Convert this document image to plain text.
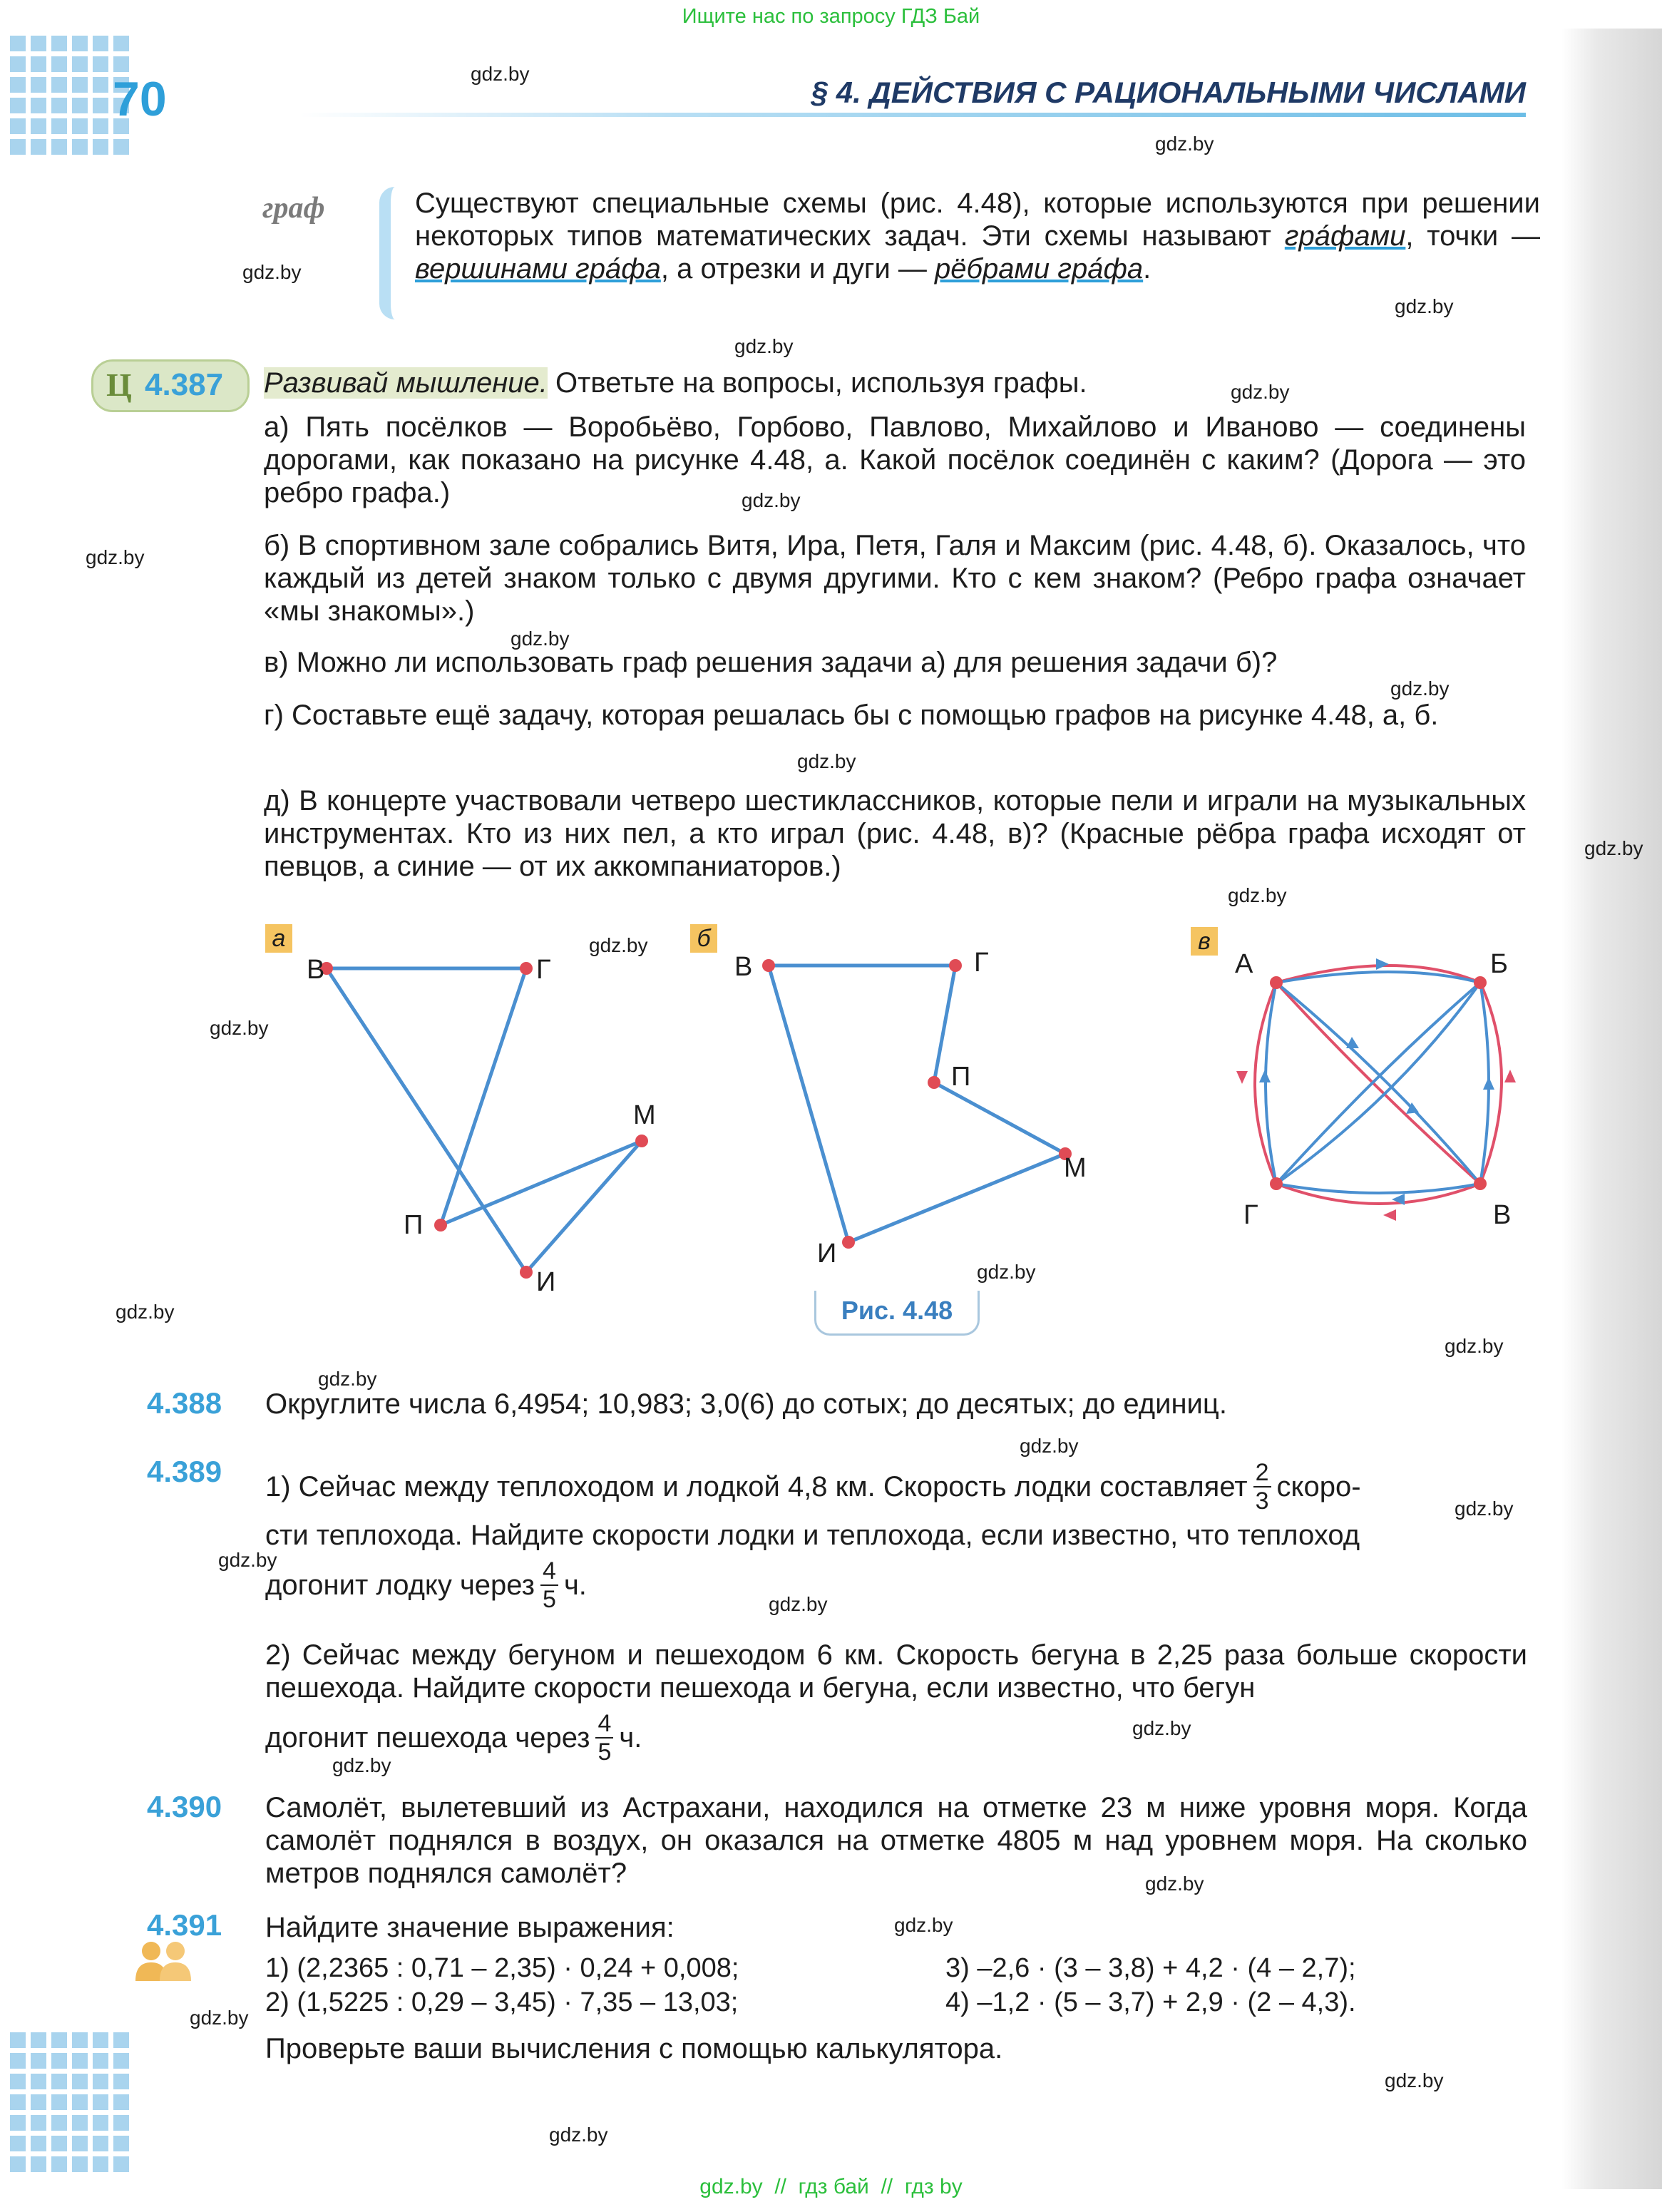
Ищите нас по запросу ГДЗ Бай
70	§ 4. ДЕЙСТВИЯ С РАЦИОНАЛЬНЫМИ ЧИСЛАМИ
gdz.by
gdz.by
gdz.by
gdz.by
gdz.by
gdz.by
gdz.by
gdz.by
gdz.by
gdz.by
gdz.by
gdz.by
gdz.by
gdz.by
gdz.by
gdz.by
gdz.by
gdz.by
gdz.by
gdz.by
gdz.by
gdz.by
gdz.by
gdz.by
gdz.by
gdz.by
gdz.by
gdz.by
gdz.by
gdz.by
граф	Существуют специальные схемы (рис. 4.48), которые используются при решении некоторых типов математических задач. Эти схемы называют гра́фами, точки — вершинами гра́фа, а отрезки и дуги — рёбрами гра́фа.
Ц 4.387 Развивай мышление. Ответьте на вопросы, используя графы.
а) Пять посёлков — Воробьёво, Горбово, Павлово, Михайлово и Иваново — соединены дорогами, как показано на рисунке 4.48, а. Какой посёлок соединён с каким? (Дорога — это ребро графа.)
б) В спортивном зале собрались Витя, Ира, Петя, Галя и Максим (рис. 4.48, б). Оказалось, что каждый из детей знаком только с двумя другими. Кто с кем знаком? (Ребро графа означает «мы знакомы».)
в) Можно ли использовать граф решения задачи а) для решения задачи б)?
г) Составьте ещё задачу, которая решалась бы с помощью графов на рисунке 4.48, а, б.
д) В концерте участвовали четверо шестиклассников, которые пели и играли на музыкальных инструментах. Кто из них пел, а кто играл (рис. 4.48, в)? (Красные рёбра графа исходят от певцов, а синие — от их аккомпаниаторов.)
а	б	в
В	Г
М
П
И
В	Г
П
М
И
А	Б
Г	В
Рис. 4.48
4.388 Округлите числа 6,4954; 10,983; 3,0(6) до сотых; до десятых; до единиц.
4.389 1) Сейчас между теплоходом и лодкой 4,8 км. Скорость лодки составляет $\frac{2}{3}$ скоро-
сти теплохода. Найдите скорости лодки и теплохода, если известно, что теплоход
догонит лодку через $\frac{4}{5} ч$.
2) Сейчас между бегуном и пешеходом 6 км. Скорость бегуна в 2,25 раза больше скорости пешехода. Найдите скорости пешехода и бегуна, если известно, что бегун
догонит пешехода через $\frac{4}{5} ч$.
4.390 Самолёт, вылетевший из Астрахани, находился на отметке 23 м ниже уровня моря. Когда самолёт поднялся в воздух, он оказался на отметке 4805 м над уровнем моря. На сколько метров поднялся самолёт?
4.391 Найдите значение выражения:
1) (2,2365 : 0,71 – 2,35) · 0,24 + 0,008;
2) (1,5225 : 0,29 – 3,45) · 7,35 – 13,03;
3) –2,6 · (3 – 3,8) + 4,2 · (4 – 2,7);
4) –1,2 · (5 – 3,7) + 2,9 · (2 – 4,3).
Проверьте ваши вычисления с помощью калькулятора.
gdz.by  //  гдз бай  //  гдз by
